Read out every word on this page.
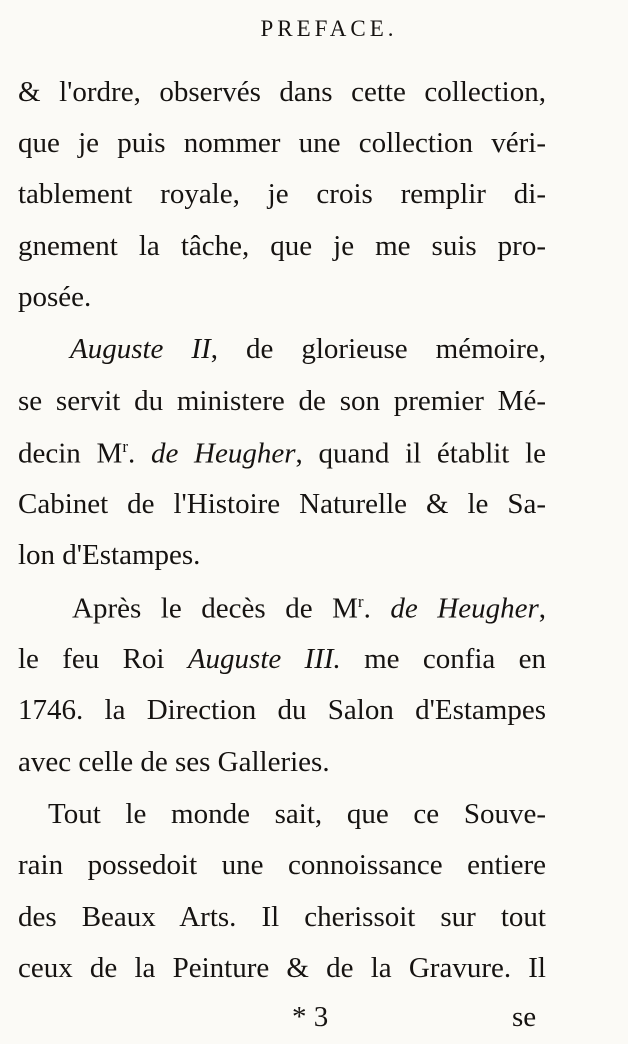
PREFACE.
& l'ordre, observés dans cette collection,
que je puis nommer une collection véri-
tablement royale, je crois remplir di-
gnement la tâche, que je me suis pro-
posée.
Auguste II, de glorieuse mémoire,
se servit du ministere de son premier Mé-
decin $M^r$. de Heugher, quand il établit le
Cabinet de l'Histoire Naturelle & le Sa-
lon d'Estampes.
Après le decès de $M^r$. de Heugher,
le feu Roi Auguste III. me confia en
1746. la Direction du Salon d'Estampes
avec celle de ses Galleries.
Tout le monde sait, que ce Souve-
rain possedoit une connoissance entiere
des Beaux Arts. Il cherissoit sur tout
ceux de la Peinture & de la Gravure. Il
* 3	se
